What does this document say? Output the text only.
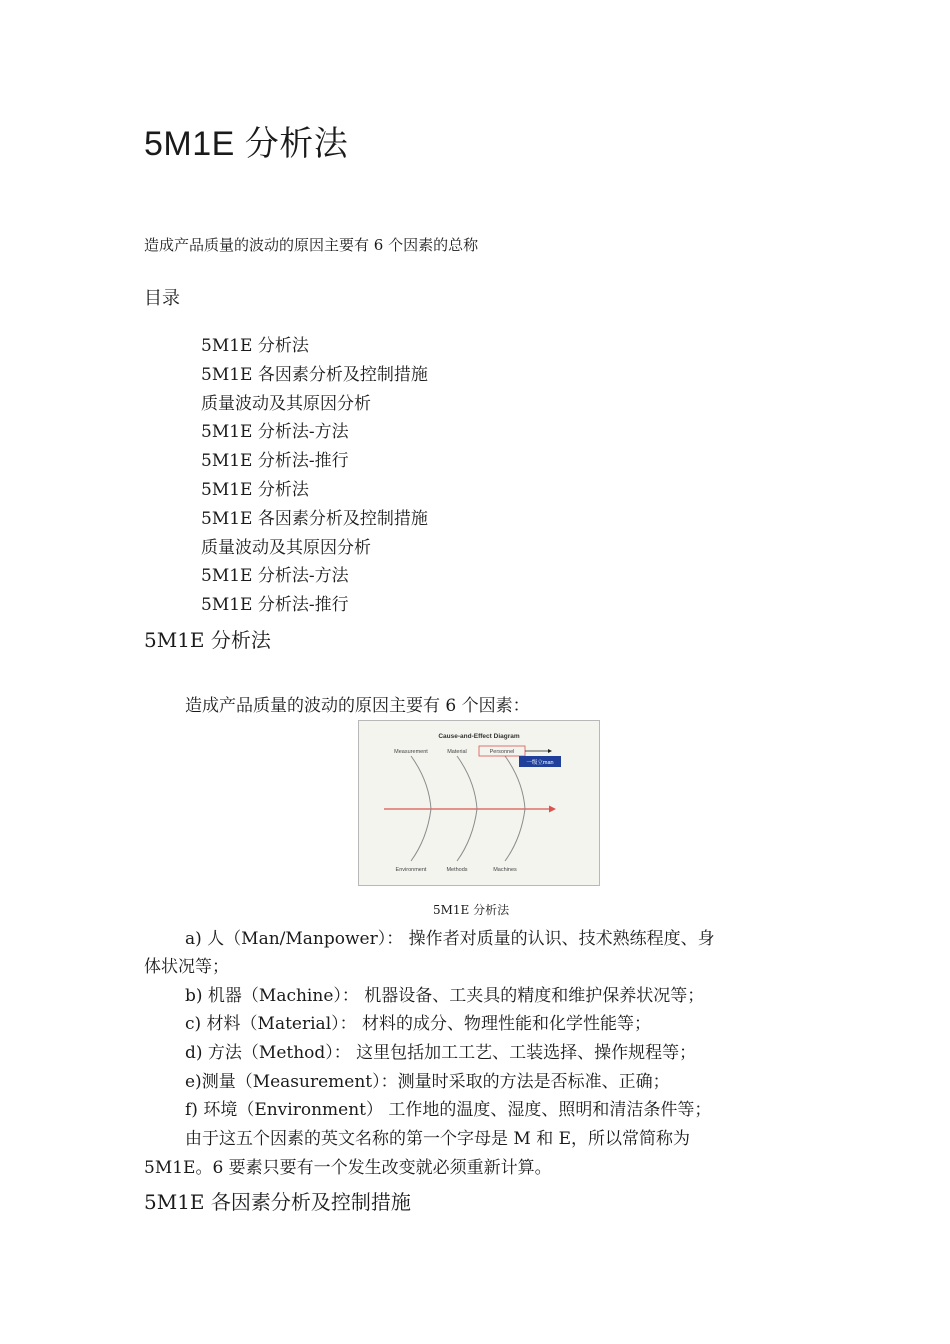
5M1E 分析法
造成产品质量的波动的原因主要有 6 个因素的总称
目录
5M1E 分析法
5M1E 各因素分析及控制措施
质量波动及其原因分析
5M1E 分析法-方法
5M1E 分析法-推行
5M1E 分析法
5M1E 各因素分析及控制措施
质量波动及其原因分析
5M1E 分析法-方法
5M1E 分析法-推行
5M1E 分析法
造成产品质量的波动的原因主要有 6 个因素：
Cause-and-Effect Diagram
Measurement	Material	Personnel
一级立man
Environment	Methods	Machines
5M1E 分析法
a) 人（Man/Manpower）： 操作者对质量的认识、技术熟练程度、身
体状况等；
b) 机器（Machine）： 机器设备、工夹具的精度和维护保养状况等；
c) 材料（Material）： 材料的成分、物理性能和化学性能等；
d) 方法（Method）： 这里包括加工工艺、工装选择、操作规程等；
e)测量（Measurement）：测量时采取的方法是否标准、正确；
f) 环境（Environment） 工作地的温度、湿度、照明和清洁条件等；
由于这五个因素的英文名称的第一个字母是 M 和 E，所以常简称为
5M1E。6 要素只要有一个发生改变就必须重新计算。
5M1E 各因素分析及控制措施
